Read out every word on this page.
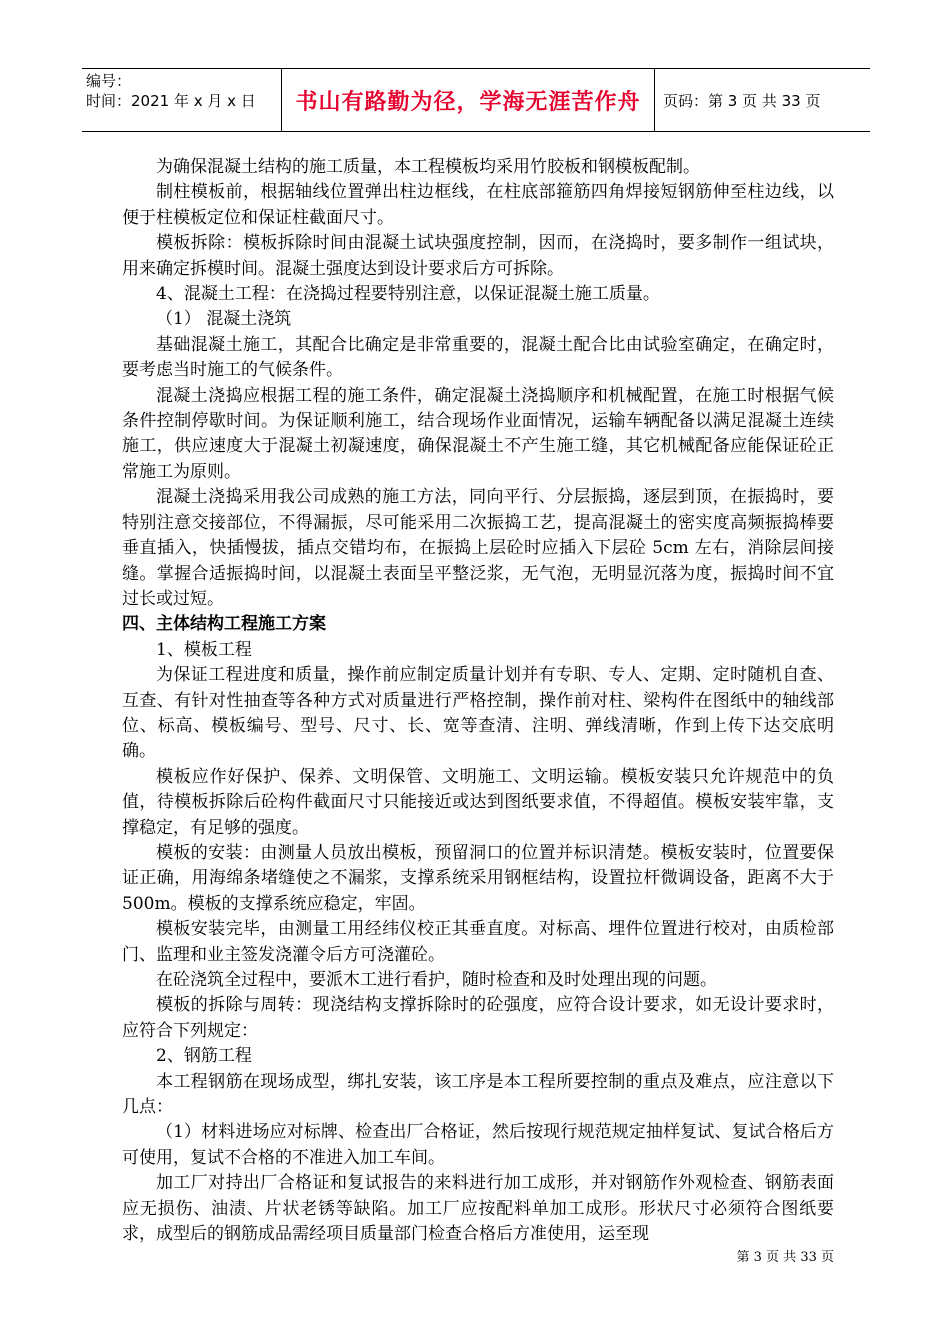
编号：
时间：2021 年 x 月 x 日	书山有路勤为径，学海无涯苦作舟	页码：第 3 页 共 33 页

为确保混凝土结构的施工质量，本工程模板均采用竹胶板和钢模板配制。

制柱模板前，根据轴线位置弹出柱边框线，在柱底部箍筋四角焊接短钢筋伸至柱边线，以便于柱模板定位和保证柱截面尺寸。

模板拆除：模板拆除时间由混凝土试块强度控制，因而，在浇捣时，要多制作一组试块，用来确定拆模时间。混凝土强度达到设计要求后方可拆除。

4、混凝土工程：在浇捣过程要特别注意，以保证混凝土施工质量。

（1） 混凝土浇筑

基础混凝土施工，其配合比确定是非常重要的，混凝土配合比由试验室确定，在确定时，要考虑当时施工的气候条件。

混凝土浇捣应根据工程的施工条件，确定混凝土浇捣顺序和机械配置，在施工时根据气候条件控制停歇时间。为保证顺利施工，结合现场作业面情况，运输车辆配备以满足混凝土连续施工，供应速度大于混凝土初凝速度，确保混凝土不产生施工缝，其它机械配备应能保证砼正常施工为原则。

混凝土浇捣采用我公司成熟的施工方法，同向平行、分层振捣，逐层到顶，在振捣时，要特别注意交接部位，不得漏振，尽可能采用二次振捣工艺，提高混凝土的密实度高频振捣棒要垂直插入，快插慢拔，插点交错均布，在振捣上层砼时应插入下层砼 5cm 左右，消除层间接缝。掌握合适振捣时间，以混凝土表面呈平整泛浆，无气泡，无明显沉落为度，振捣时间不宜过长或过短。

四、主体结构工程施工方案

1、模板工程

为保证工程进度和质量，操作前应制定质量计划并有专职、专人、定期、定时随机自查、互查、有针对性抽查等各种方式对质量进行严格控制，操作前对柱、梁构件在图纸中的轴线部位、标高、模板编号、型号、尺寸、长、宽等查清、注明、弹线清晰，作到上传下达交底明确。

模板应作好保护、保养、文明保管、文明施工、文明运输。模板安装只允许规范中的负值，待模板拆除后砼构件截面尺寸只能接近或达到图纸要求值，不得超值。模板安装牢靠，支撑稳定，有足够的强度。

模板的安装：由测量人员放出模板，预留洞口的位置并标识清楚。模板安装时，位置要保证正确，用海绵条堵缝使之不漏浆，支撑系统采用钢框结构，设置拉杆微调设备，距离不大于 500m。模板的支撑系统应稳定，牢固。

模板安装完毕，由测量工用经纬仪校正其垂直度。对标高、埋件位置进行校对，由质检部门、监理和业主签发浇灌令后方可浇灌砼。

在砼浇筑全过程中，要派木工进行看护，随时检查和及时处理出现的问题。

模板的拆除与周转：现浇结构支撑拆除时的砼强度，应符合设计要求，如无设计要求时，应符合下列规定：

2、钢筋工程

本工程钢筋在现场成型，绑扎安装，该工序是本工程所要控制的重点及难点，应注意以下几点：

（1）材料进场应对标牌、检查出厂合格证，然后按现行规范规定抽样复试、复试合格后方可使用，复试不合格的不准进入加工车间。

加工厂对持出厂合格证和复试报告的来料进行加工成形，并对钢筋作外观检查、钢筋表面应无损伤、油渍、片状老锈等缺陷。加工厂应按配料单加工成形。形状尺寸必须符合图纸要求，成型后的钢筋成品需经项目质量部门检查合格后方准使用，运至现

第 3 页 共 33 页
